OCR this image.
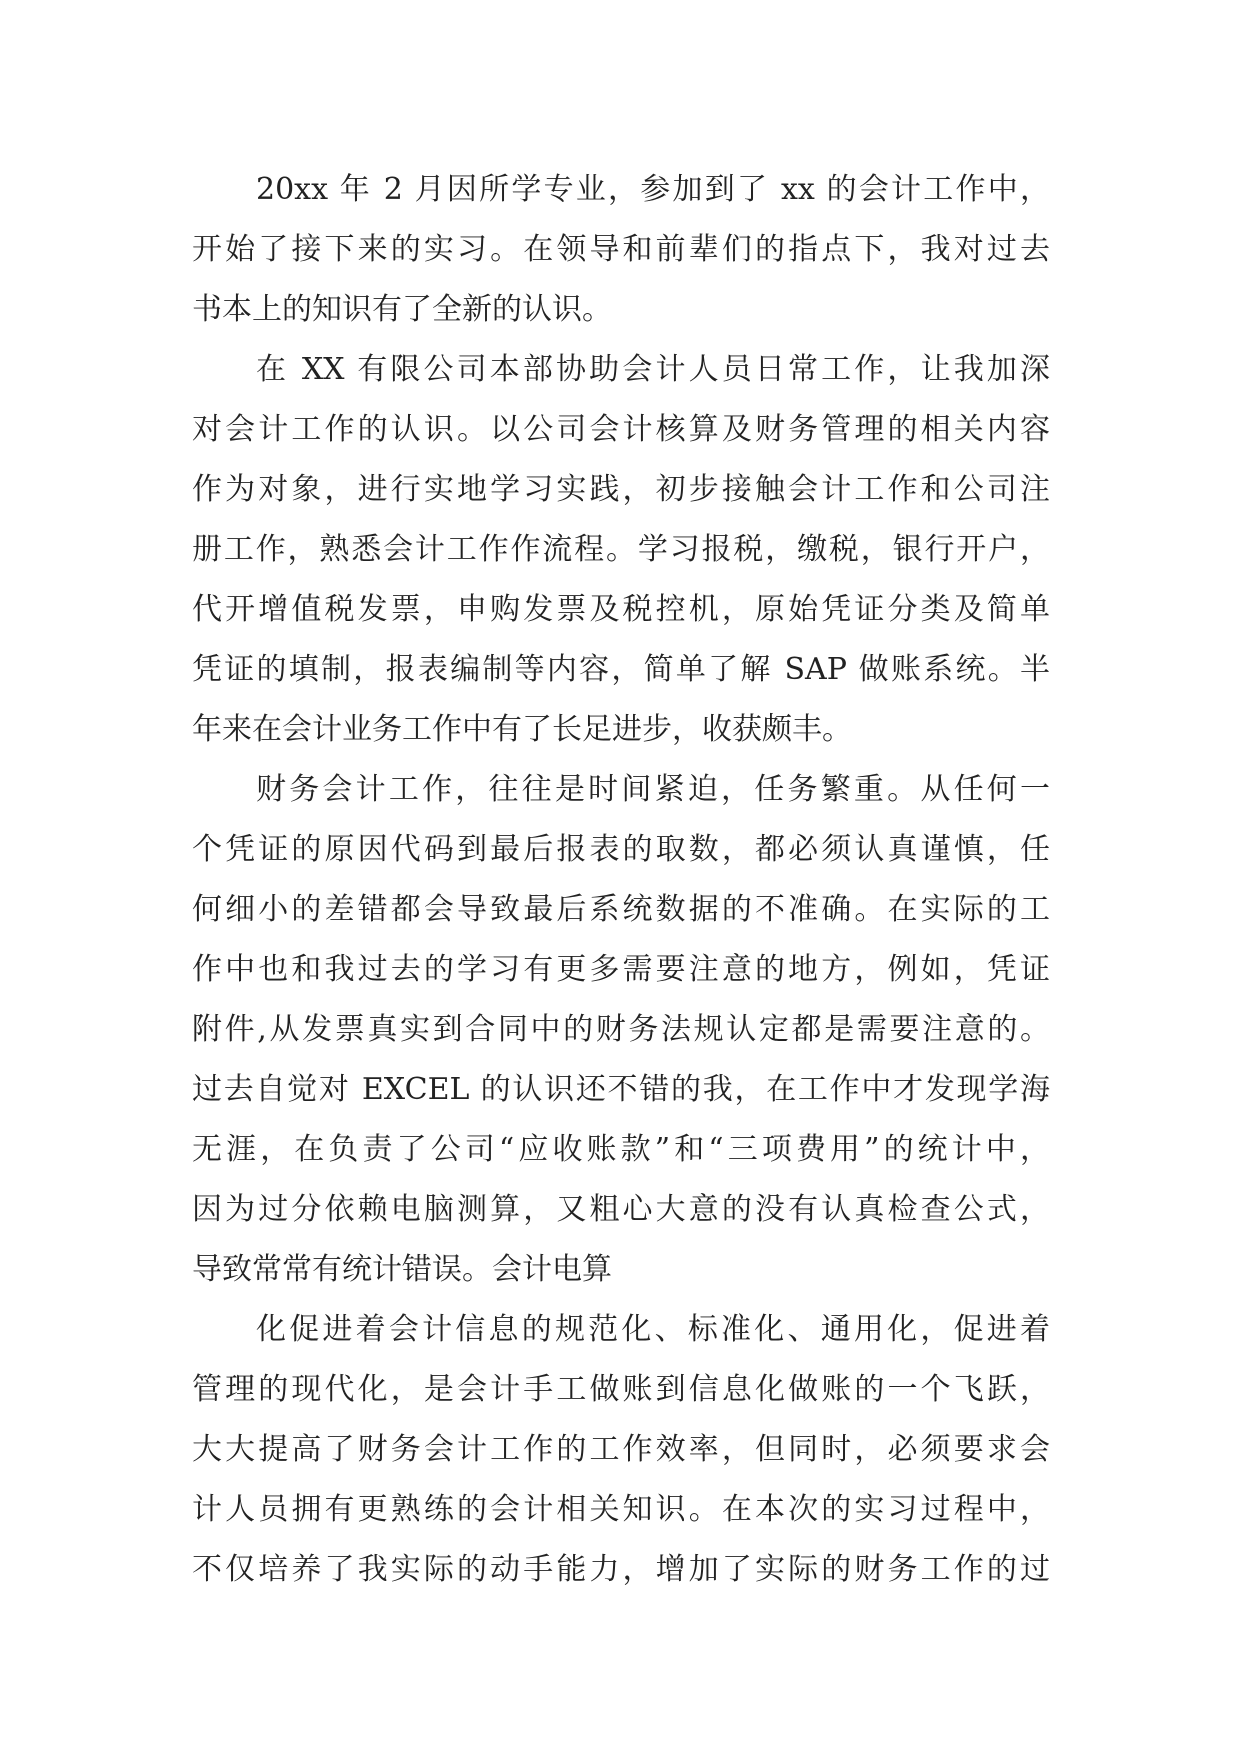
20xx 年 2 月因所学专业，参加到了 xx 的会计工作中，
开始了接下来的实习。在领导和前辈们的指点下，我对过去
书本上的知识有了全新的认识。
在 XX 有限公司本部协助会计人员日常工作，让我加深
对会计工作的认识。以公司会计核算及财务管理的相关内容
作为对象，进行实地学习实践，初步接触会计工作和公司注
册工作，熟悉会计工作作流程。学习报税，缴税，银行开户，
代开增值税发票，申购发票及税控机，原始凭证分类及简单
凭证的填制，报表编制等内容，简单了解 SAP 做账系统。半
年来在会计业务工作中有了长足进步，收获颇丰。
财务会计工作，往往是时间紧迫，任务繁重。从任何一
个凭证的原因代码到最后报表的取数，都必须认真谨慎，任
何细小的差错都会导致最后系统数据的不准确。在实际的工
作中也和我过去的学习有更多需要注意的地方，例如，凭证
附件,从发票真实到合同中的财务法规认定都是需要注意的。
过去自觉对 EXCEL 的认识还不错的我，在工作中才发现学海
无涯，在负责了公司“应收账款”和“三项费用”的统计中，
因为过分依赖电脑测算，又粗心大意的没有认真检查公式，
导致常常有统计错误。会计电算
化促进着会计信息的规范化、标准化、通用化，促进着
管理的现代化，是会计手工做账到信息化做账的一个飞跃，
大大提高了财务会计工作的工作效率，但同时，必须要求会
计人员拥有更熟练的会计相关知识。在本次的实习过程中，
不仅培养了我实际的动手能力，增加了实际的财务工作的过
